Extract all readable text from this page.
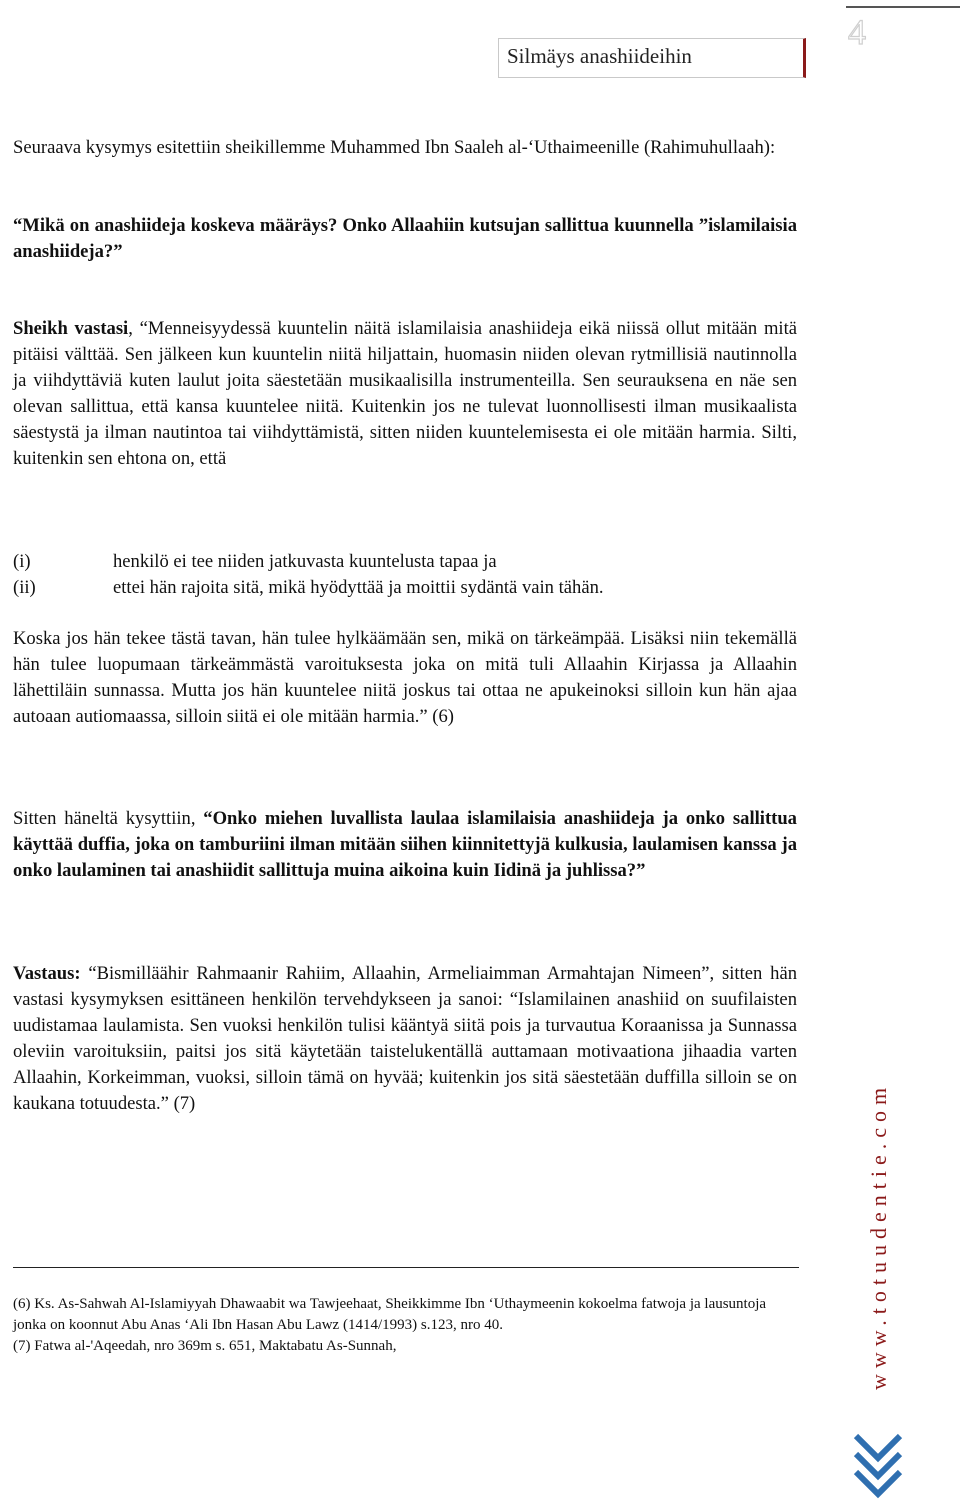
4
Silmäys anashiideihin
Seuraava kysymys esitettiin sheikillemme Muhammed Ibn Saaleh al-‘Uthaimeenille (Rahimuhullaah):
“Mikä on anashiideja koskeva määräys? Onko Allaahiin kutsujan sallittua kuunnella ”islamilaisia anashiideja?”
Sheikh vastasi, “Menneisyydessä kuuntelin näitä islamilaisia anashiideja eikä niissä ollut mitään mitä pitäisi välttää. Sen jälkeen kun kuuntelin niitä hiljattain, huomasin niiden olevan rytmillisiä nautinnolla ja viihdyttäviä kuten laulut joita säestetään musikaalisilla instrumenteilla. Sen seurauksena en näe sen olevan sallittua, että kansa kuuntelee niitä. Kuitenkin jos ne tulevat luonnollisesti ilman musikaalista säestystä ja ilman nautintoa tai viihdyttämistä, sitten niiden kuuntelemisesta ei ole mitään harmia. Silti, kuitenkin sen ehtona on, että
(i)	henkilö ei tee niiden jatkuvasta kuuntelusta tapaa ja
(ii)	ettei hän rajoita sitä, mikä hyödyttää ja moittii sydäntä vain tähän.
Koska jos hän tekee tästä tavan, hän tulee hylkäämään sen, mikä on tärkeämpää. Lisäksi niin tekemällä hän tulee luopumaan tärkeämmästä varoituksesta joka on mitä tuli Allaahin Kirjassa ja Allaahin lähettiläin sunnassa. Mutta jos hän kuuntelee niitä joskus tai ottaa ne apukeinoksi silloin kun hän ajaa autoaan autiomaassa, silloin siitä ei ole mitään harmia.” (6)
Sitten häneltä kysyttiin, “Onko miehen luvallista laulaa islamilaisia anashiideja ja onko sallittua käyttää duffia, joka on tamburiini ilman mitään siihen kiinnitettyjä kulkusia, laulamisen kanssa ja onko laulaminen tai anashiidit sallittuja muina aikoina kuin Iidinä ja juhlissa?”
Vastaus: “Bismilläähir Rahmaanir Rahiim, Allaahin, Armeliaimman Armahtajan Nimeen”, sitten hän vastasi kysymyksen esittäneen henkilön tervehdykseen ja sanoi: “Islamilainen anashiid on suufilaisten uudistamaa laulamista. Sen vuoksi henkilön tulisi kääntyä siitä pois ja turvautua Koraanissa ja Sunnassa oleviin varoituksiin, paitsi jos sitä käytetään taistelukentällä auttamaan motivaationa jihaadia varten Allaahin, Korkeimman, vuoksi, silloin tämä on hyvää; kuitenkin jos sitä säestetään duffilla silloin se on kaukana totuudesta.” (7)
(6) Ks. As-Sahwah Al-Islamiyyah Dhawaabit wa Tawjeehaat, Sheikkimme Ibn ‘Uthaymeenin kokoelma fatwoja ja lausuntoja jonka on koonnut Abu Anas ‘Ali Ibn Hasan Abu Lawz (1414/1993) s.123, nro 40.
(7) Fatwa al-'Aqeedah, nro 369m s. 651, Maktabatu As-Sunnah,	www.totuudentie.com
